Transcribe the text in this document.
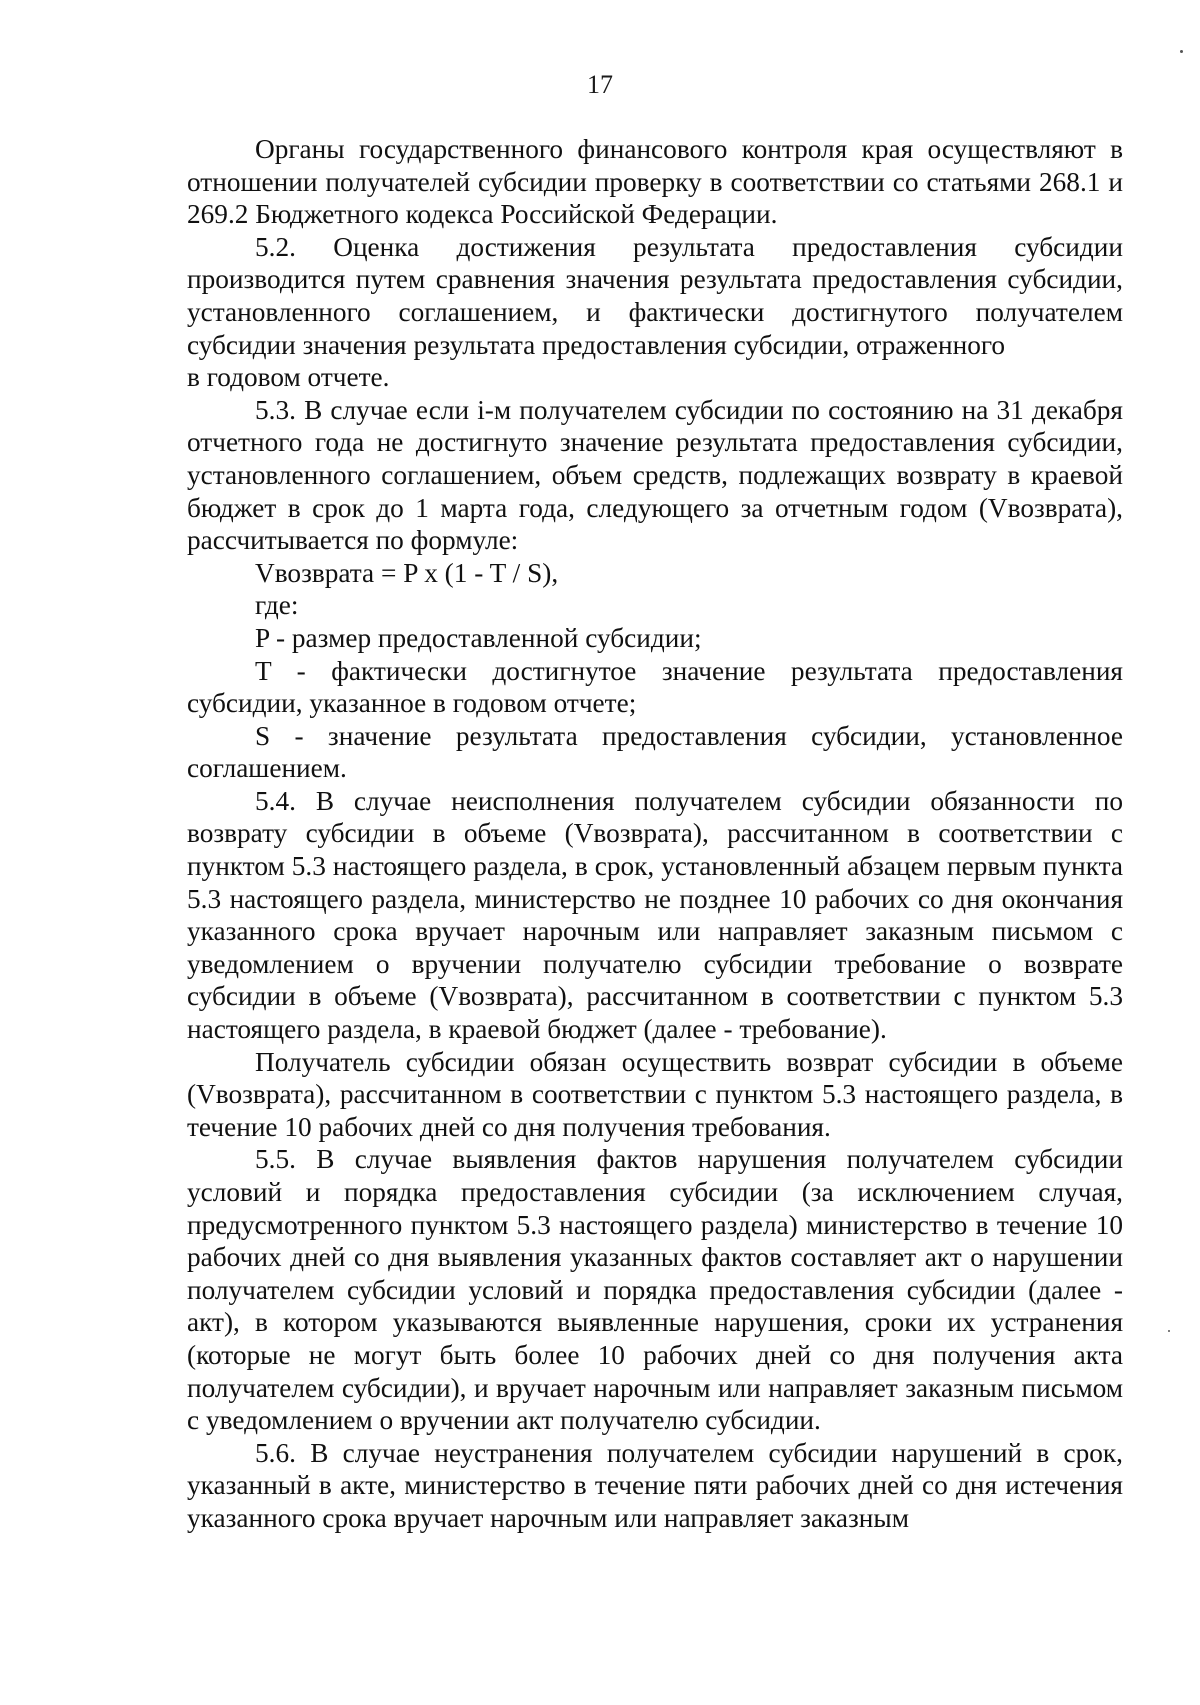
17

Органы государственного финансового контроля края осуществляют в отношении получателей субсидии проверку в соответствии со статьями 268.1 и 269.2 Бюджетного кодекса Российской Федерации.

5.2. Оценка достижения результата предоставления субсидии производится путем сравнения значения результата предоставления субсидии, установленного соглашением, и фактически достигнутого получателем субсидии значения результата предоставления субсидии, отраженного

в годовом отчете.

5.3. В случае если i-м получателем субсидии по состоянию на 31 декабря отчетного года не достигнуто значение результата предоставления субсидии, установленного соглашением, объем средств, подлежащих возврату в краевой бюджет в срок до 1 марта года, следующего за отчетным годом (Vвозврата), рассчитывается по формуле:

Vвозврата = P x (1 - T / S),

где:

P - размер предоставленной субсидии;

T - фактически достигнутое значение результата предоставления субсидии, указанное в годовом отчете;

S - значение результата предоставления субсидии, установленное соглашением.

5.4. В случае неисполнения получателем субсидии обязанности по возврату субсидии в объеме (Vвозврата), рассчитанном в соответствии с пунктом 5.3 настоящего раздела, в срок, установленный абзацем первым пункта 5.3 настоящего раздела, министерство не позднее 10 рабочих со дня окончания указанного срока вручает нарочным или направляет заказным письмом с уведомлением о вручении получателю субсидии требование о возврате субсидии в объеме (Vвозврата), рассчитанном в соответствии с пунктом 5.3 настоящего раздела, в краевой бюджет (далее - требование).

Получатель субсидии обязан осуществить возврат субсидии в объеме (Vвозврата), рассчитанном в соответствии с пунктом 5.3 настоящего раздела, в течение 10 рабочих дней со дня получения требования.

5.5. В случае выявления фактов нарушения получателем субсидии условий и порядка предоставления субсидии (за исключением случая, предусмотренного пунктом 5.3 настоящего раздела) министерство в течение 10 рабочих дней со дня выявления указанных фактов составляет акт о нарушении получателем субсидии условий и порядка предоставления субсидии (далее - акт), в котором указываются выявленные нарушения, сроки их устранения (которые не могут быть более 10 рабочих дней со дня получения акта получателем субсидии), и вручает нарочным или направляет заказным письмом с уведомлением о вручении акт получателю субсидии.

5.6. В случае неустранения получателем субсидии нарушений в срок, указанный в акте, министерство в течение пяти рабочих дней со дня истечения указанного срока вручает нарочным или направляет заказным
